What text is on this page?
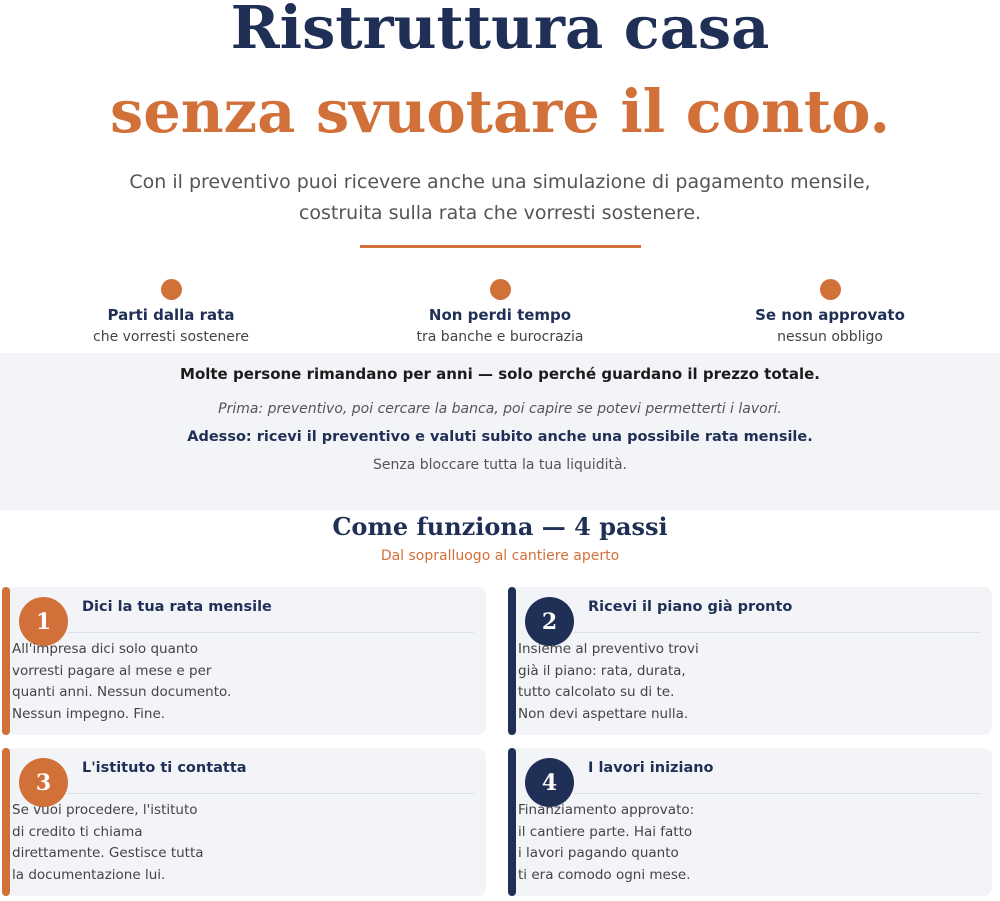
Ristruttura casa
senza svuotare il conto.
Con il preventivo puoi ricevere anche una simulazione di pagamento mensile,
costruita sulla rata che vorresti sostenere.
Parti dalla rata
che vorresti sostenere
Non perdi tempo
tra banche e burocrazia
Se non approvato
nessun obbligo
Molte persone rimandano per anni — solo perché guardano il prezzo totale.
Prima: preventivo, poi cercare la banca, poi capire se potevi permetterti i lavori.
Adesso: ricevi il preventivo e valuti subito anche una possibile rata mensile.
Senza bloccare tutta la tua liquidità.
Come funziona — 4 passi
Dal sopralluogo al cantiere aperto
1
Dici la tua rata mensile
All'impresa dici solo quanto
vorresti pagare al mese e per
quanti anni. Nessun documento.
Nessun impegno. Fine.
2
Ricevi il piano già pronto
Insieme al preventivo trovi
già il piano: rata, durata,
tutto calcolato su di te.
Non devi aspettare nulla.
3
L'istituto ti contatta
Se vuoi procedere, l'istituto
di credito ti chiama
direttamente. Gestisce tutta
la documentazione lui.
4
I lavori iniziano
Finanziamento approvato:
il cantiere parte. Hai fatto
i lavori pagando quanto
ti era comodo ogni mese.
